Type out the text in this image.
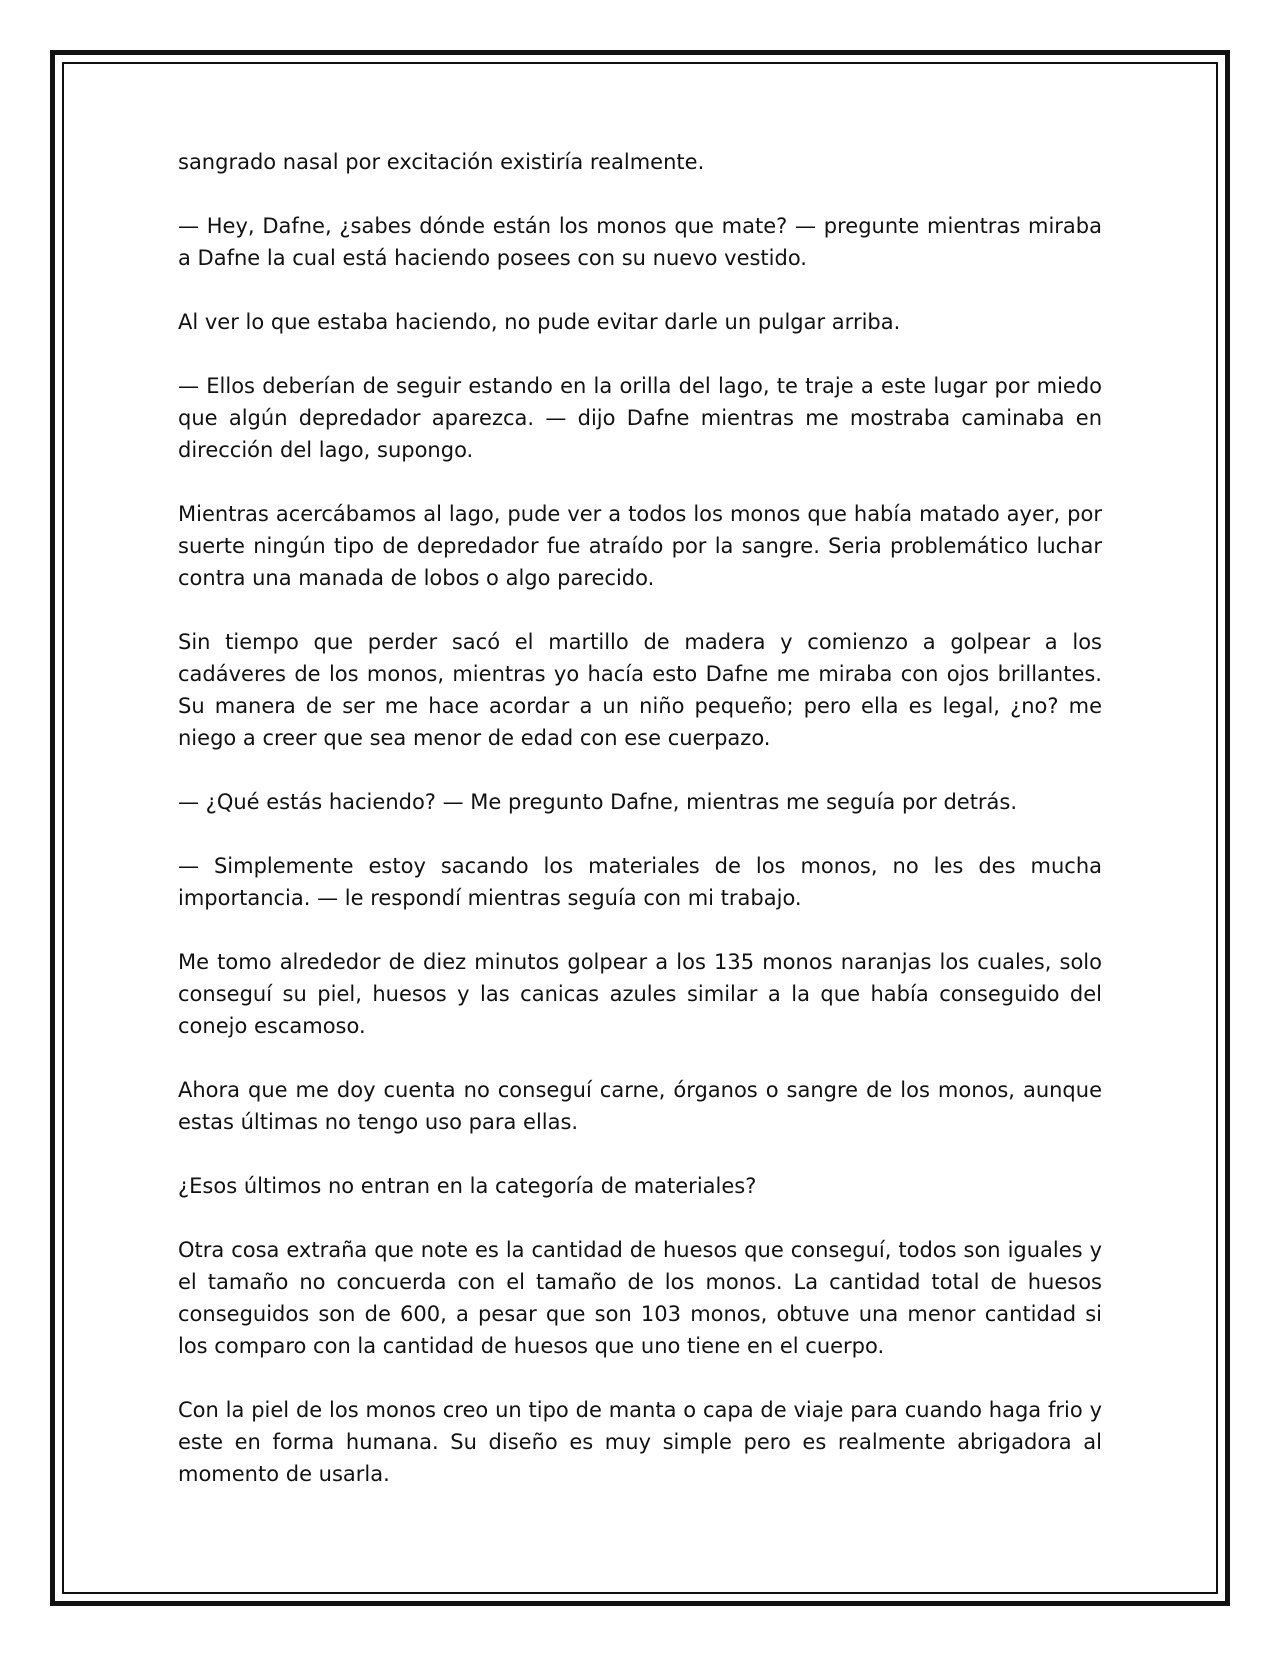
sangrado nasal por excitación existiría realmente.

— Hey, Dafne, ¿sabes dónde están los monos que mate? — pregunte mientras miraba a Dafne la cual está haciendo posees con su nuevo vestido.

Al ver lo que estaba haciendo, no pude evitar darle un pulgar arriba.

— Ellos deberían de seguir estando en la orilla del lago, te traje a este lugar por miedo que algún depredador aparezca. — dijo Dafne mientras me mostraba caminaba en dirección del lago, supongo.

Mientras acercábamos al lago, pude ver a todos los monos que había matado ayer, por suerte ningún tipo de depredador fue atraído por la sangre. Seria problemático luchar contra una manada de lobos o algo parecido.

Sin tiempo que perder sacó el martillo de madera y comienzo a golpear a los cadáveres de los monos, mientras yo hacía esto Dafne me miraba con ojos brillantes. Su manera de ser me hace acordar a un niño pequeño; pero ella es legal, ¿no? me niego a creer que sea menor de edad con ese cuerpazo.

— ¿Qué estás haciendo? — Me pregunto Dafne, mientras me seguía por detrás.

— Simplemente estoy sacando los materiales de los monos, no les des mucha importancia. — le respondí mientras seguía con mi trabajo.

Me tomo alrededor de diez minutos golpear a los 135 monos naranjas los cuales, solo conseguí su piel, huesos y las canicas azules similar a la que había conseguido del conejo escamoso.

Ahora que me doy cuenta no conseguí carne, órganos o sangre de los monos, aunque estas últimas no tengo uso para ellas.

¿Esos últimos no entran en la categoría de materiales?

Otra cosa extraña que note es la cantidad de huesos que conseguí, todos son iguales y el tamaño no concuerda con el tamaño de los monos. La cantidad total de huesos conseguidos son de 600, a pesar que son 103 monos, obtuve una menor cantidad si los comparo con la cantidad de huesos que uno tiene en el cuerpo.

Con la piel de los monos creo un tipo de manta o capa de viaje para cuando haga frio y este en forma humana. Su diseño es muy simple pero es realmente abrigadora al momento de usarla.
